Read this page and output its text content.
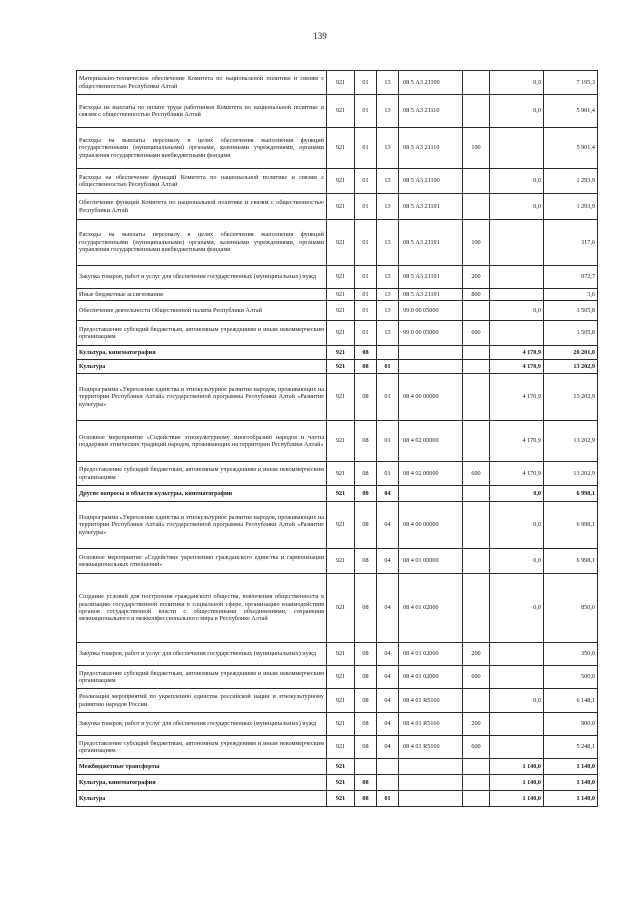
139
Материально-техническое обеспечение Комитета по национальной политике и связям с общественностью Республики Алтай	921	01	13	08 5 А3 21100		0,0	7 195,3
Расходы на выплаты по оплате труда работников Комитета по национальной политике и связям с общественностью Республики Алтай	921	01	13	08 5 А3 21110		0,0	5 901,4
Расходы на выплаты персоналу в целях обеспечения выполнения функций государственными (муниципальными) органами, казенными учреждениями, органами управления государственными внебюджетными фондами	921	01	13	08 5 А3 21110	100		5 901,4
Расходы на обеспечение функций Комитета по национальной политике и связям с общественностью Республики Алтай	921	01	13	08 5 А3 21190		0,0	1 293,9
Обеспечение функций Комитета по национальной политике и связям с общественностью Республики Алтай	921	01	13	08 5 А3 21191		0,0	1 293,9
Расходы на выплаты персоналу в целях обеспечения выполнения функций государственными (муниципальными) органами, казенными учреждениями, органами управления государственными внебюджетными фондами	921	01	13	08 5 А3 21191	100		317,6
Закупка товаров, работ и услуг для обеспечения государственных (муниципальных) нужд	921	01	13	08 5 А3 21191	200		972,7
Иные бюджетные ассигнования	921	01	13	08 5 А3 21191	800		3,6
Обеспечение деятельности Общественной палаты Республики Алтай	921	01	13	99 0 00 05000		0,0	1 505,8
Предоставление субсидий бюджетным, автономным учреждениям и иным некоммерческим организациям	921	01	13	99 0 00 05000	600		1 505,8
Культура, кинематография	921	08				4 170,9	20 201,0
Культура	921	08	01			4 170,9	13 202,9
Подпрограмма «Укрепление единства и этнокультурное развитие народов, проживающих на территории Республики Алтай» государственной программы Республики Алтай «Развитие культуры»	921	08	01	08 4 00 00000		4 170,9	13 202,9
Основное мероприятие «Содействие этнокультурному многообразию народов и члеты поддержки этнических традиций народов, проживающих на территории Республики Алтай»	921	08	01	08 4 02 00000		4 170,9	13 202,9
Предоставление субсидий бюджетным, автономным учреждениям и иным некоммерческим организациям	921	08	01	08 4 02 00000	600	4 170,9	13 202,9
Другие вопросы в области культуры, кинематографии	921	08	04			0,0	6 998,1
Подпрограмма «Укрепление единства и этнокультурное развитие народов, проживающих на территории Республики Алтай» государственной программы Республики Алтай «Развитие культуры»	921	08	04	08 4 00 00000		0,0	6 998,1
Основное мероприятие «Содействие укреплению гражданского единства и гармонизации межнациональных отношений»	921	08	04	08 4 01 00000		0,0	6 998,1
Создание условий для построения гражданского общества, вовлечения общественности в реализацию государственной политики в социальной сфере, организацию взаимодействия органов государственной власти с общественными объединениями, сохранения межнационального и межконфессионального мира в Республике Алтай	921	08	04	08 4 01 02000		0,0	850,0
Закупка товаров, работ и услуг для обеспечения государственных (муниципальных) нужд	921	08	04	08 4 01 02000	200		350,0
Предоставление субсидий бюджетным, автономным учреждениям и иным некоммерческим организациям	921	08	04	08 4 01 02000	600		500,0
Реализация мероприятий по укреплению единства российской нации и этнокультурному развитию народов России	921	08	04	08 4 01 R5160		0,0	6 148,1
Закупка товаров, работ и услуг для обеспечения государственных (муниципальных) нужд	921	08	04	08 4 01 R5160	200		900,0
Предоставление субсидий бюджетным, автономным учреждениям и иным некоммерческим организациям	921	08	04	08 4 01 R5160	600		5 248,1
Межбюджетные трансферты	921					1 140,0	1 140,0
Культура, кинематография	921	08				1 140,0	1 140,0
Культура	921	08	01			1 140,0	1 140,0
